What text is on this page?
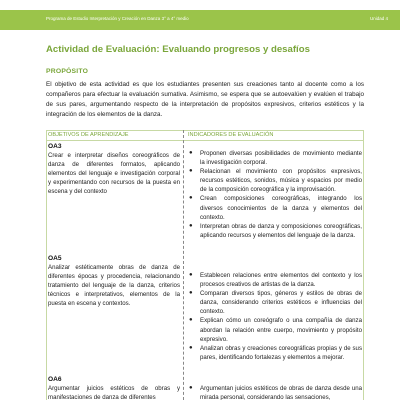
Programa de Estudio Interpretación y Creación en Danza 3° a 4° medio	Unidad 4
Actividad de Evaluación: Evaluando progresos y desafíos
PROPÓSITO

El objetivo de esta actividad es que los estudiantes presenten sus creaciones tanto al docente como a los compañeros para efectuar la evaluación sumativa. Asimismo, se espera que se autoevalúen y evalúen el trabajo de sus pares, argumentando respecto de la interpretación de propósitos expresivos, criterios estéticos y la integración de los elementos de la danza.

OBJETIVOS DE APRENDIZAJE	INDICADORES DE EVALUACIÓN
OA3
Crear e interpretar diseños coreográficos de danza de diferentes formatos, aplicando elementos del lenguaje e investigación corporal y experimentando con recursos de la puesta en escena y del contexto
● Proponen diversas posibilidades de movimiento mediante la investigación corporal.
● Relacionan el movimiento con propósitos expresivos, recursos estéticos, sonidos, música y espacios por medio de la composición coreográfica y la improvisación.
● Crean composiciones coreográficas, integrando los diversos conocimientos de la danza y elementos del contexto.
● Interpretan obras de danza y composiciones coreográficas, aplicando recursos y elementos del lenguaje de la danza.
OA5
Analizar estéticamente obras de danza de diferentes épocas y procedencia, relacionando tratamiento del lenguaje de la danza, criterios técnicos e interpretativos, elementos de la puesta en escena y contextos.
● Establecen relaciones entre elementos del contexto y los procesos creativos de artistas de la danza.
● Comparan diversos tipos, géneros y estilos de obras de danza, considerando criterios estéticos e influencias del contexto.
● Explican cómo un coreógrafo o una compañía de danza abordan la relación entre cuerpo, movimiento y propósito expresivo.
● Analizan obras y creaciones coreográficas propias y de sus pares, identificando fortalezas y elementos a mejorar.
OA6
Argumentar juicios estéticos de obras y manifestaciones de danza de diferentes
● Argumentan juicios estéticos de obras de danza desde una mirada personal, considerando las sensaciones,
